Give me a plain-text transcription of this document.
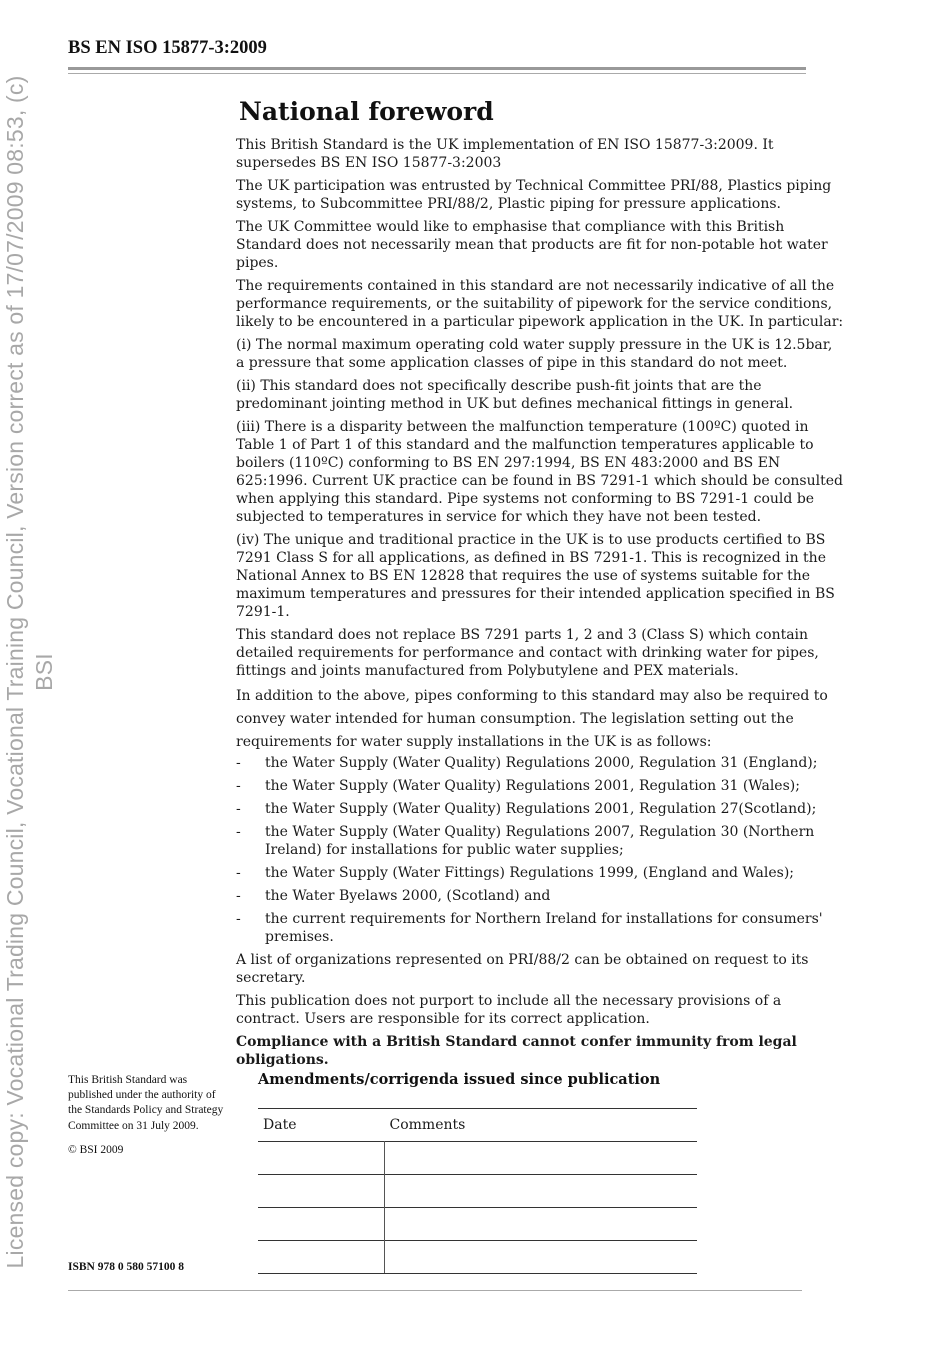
Licensed copy: Vocational Trading Council, Vocational Training Council, Version correct as of 17/07/2009 08:53, (c) BSI
BS EN ISO 15877-3:2009
National foreword

This British Standard is the UK implementation of EN ISO 15877-3:2009. It supersedes BS EN ISO 15877-3:2003

The UK participation was entrusted by Technical Committee PRI/88, Plastics piping systems, to Subcommittee PRI/88/2, Plastic piping for pressure applications.

The UK Committee would like to emphasise that compliance with this British Standard does not necessarily mean that products are fit for non-potable hot water pipes.

The requirements contained in this standard are not necessarily indicative of all the performance requirements, or the suitability of pipework for the service conditions, likely to be encountered in a particular pipework application in the UK. In particular:

(i) The normal maximum operating cold water supply pressure in the UK is 12.5bar, a pressure that some application classes of pipe in this standard do not meet.

(ii) This standard does not specifically describe push-fit joints that are the predominant jointing method in UK but defines mechanical fittings in general.

(iii) There is a disparity between the malfunction temperature (100ºC) quoted in Table 1 of Part 1 of this standard and the malfunction temperatures applicable to boilers (110ºC) conforming to BS EN 297:1994, BS EN 483:2000 and BS EN 625:1996. Current UK practice can be found in BS 7291-1 which should be consulted when applying this standard. Pipe systems not conforming to BS 7291-1 could be subjected to temperatures in service for which they have not been tested.

(iv) The unique and traditional practice in the UK is to use products certified to BS 7291 Class S for all applications, as defined in BS 7291-1. This is recognized in the National Annex to BS EN 12828 that requires the use of systems suitable for the maximum temperatures and pressures for their intended application specified in BS 7291-1.

This standard does not replace BS 7291 parts 1, 2 and 3 (Class S) which contain detailed requirements for performance and contact with drinking water for pipes, fittings and joints manufactured from Polybutylene and PEX materials.

In addition to the above, pipes conforming to this standard may also be required to convey water intended for human consumption. The legislation setting out the requirements for water supply installations in the UK is as follows:

- the Water Supply (Water Quality) Regulations 2000, Regulation 31 (England);
- the Water Supply (Water Quality) Regulations 2001, Regulation 31 (Wales);
- the Water Supply (Water Quality) Regulations 2001, Regulation 27(Scotland);
- the Water Supply (Water Quality) Regulations 2007, Regulation 30 (Northern Ireland) for installations for public water supplies;
- the Water Supply (Water Fittings) Regulations 1999, (England and Wales);
- the Water Byelaws 2000, (Scotland) and
- the current requirements for Northern Ireland for installations for consumers' premises.

A list of organizations represented on PRI/88/2 can be obtained on request to its secretary.

This publication does not purport to include all the necessary provisions of a contract. Users are responsible for its correct application.

Compliance with a British Standard cannot confer immunity from legal obligations.

This British Standard was published under the authority of the Standards Policy and Strategy Committee on 31 July 2009.
© BSI 2009
ISBN 978 0 580 57100 8
Amendments/corrigenda issued since publication
Date	Comments
